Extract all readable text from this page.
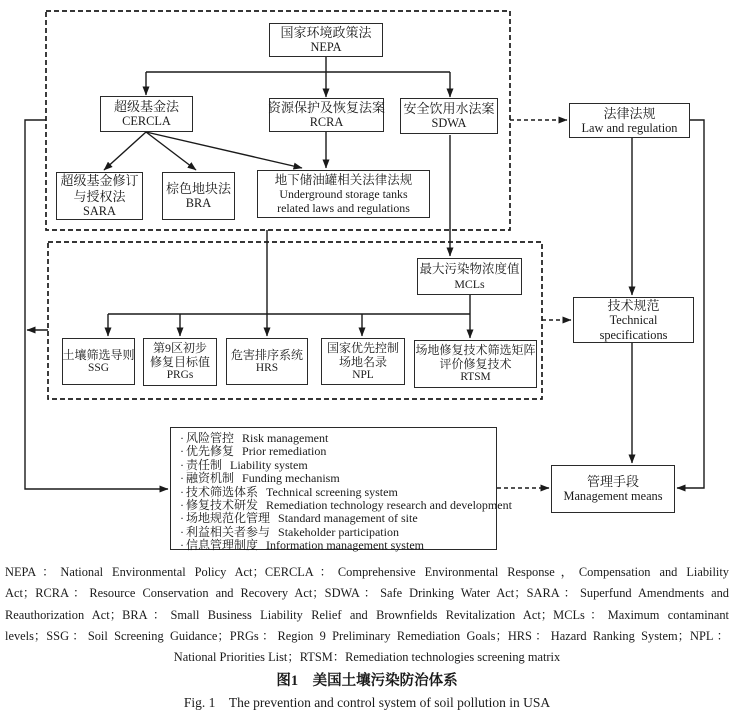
国家环境政策法
NEPA
超级基金法
CERCLA
资源保护及恢复法案
RCRA
安全饮用水法案
SDWA
法律法规
Law and regulation
超级基金修订
与授权法
SARA
棕色地块法
BRA
地下储油罐相关法律法规
Underground storage tanks
related laws and regulations
最大污染物浓度值
MCLs
土壤筛选导则
SSG
第9区初步
修复目标值
PRGs
危害排序系统
HRS
国家优先控制
场地名录
NPL
场地修复技术筛选矩阵
评价修复技术
RTSM
技术规范
Technical
specifications
管理手段
Management means
· 风险管控 Risk management
· 优先修复 Prior remediation
· 责任制 Liability system
· 融资机制 Funding mechanism
· 技术筛选体系 Technical screening system
· 修复技术研发 Remediation technology research and development
· 场地规范化管理 Standard management of site
· 利益相关者参与 Stakeholder participation
· 信息管理制度 Information management system
NEPA：National Environmental Policy Act；CERCLA：Comprehensive Environmental Response，Compensation and Liability
Act；RCRA：Resource Conservation and Recovery Act；SDWA：Safe Drinking Water Act；SARA：Superfund Amendments and
Reauthorization Act；BRA：Small Business Liability Relief and Brownfields Revitalization Act；MCLs：Maximum contaminant
levels；SSG：Soil Screening Guidance；PRGs：Region 9 Preliminary Remediation Goals；HRS：Hazard Ranking System；NPL：
National Priorities List；RTSM：Remediation technologies screening matrix
图1　美国土壤污染防治体系
Fig. 1　The prevention and control system of soil pollution in USA
